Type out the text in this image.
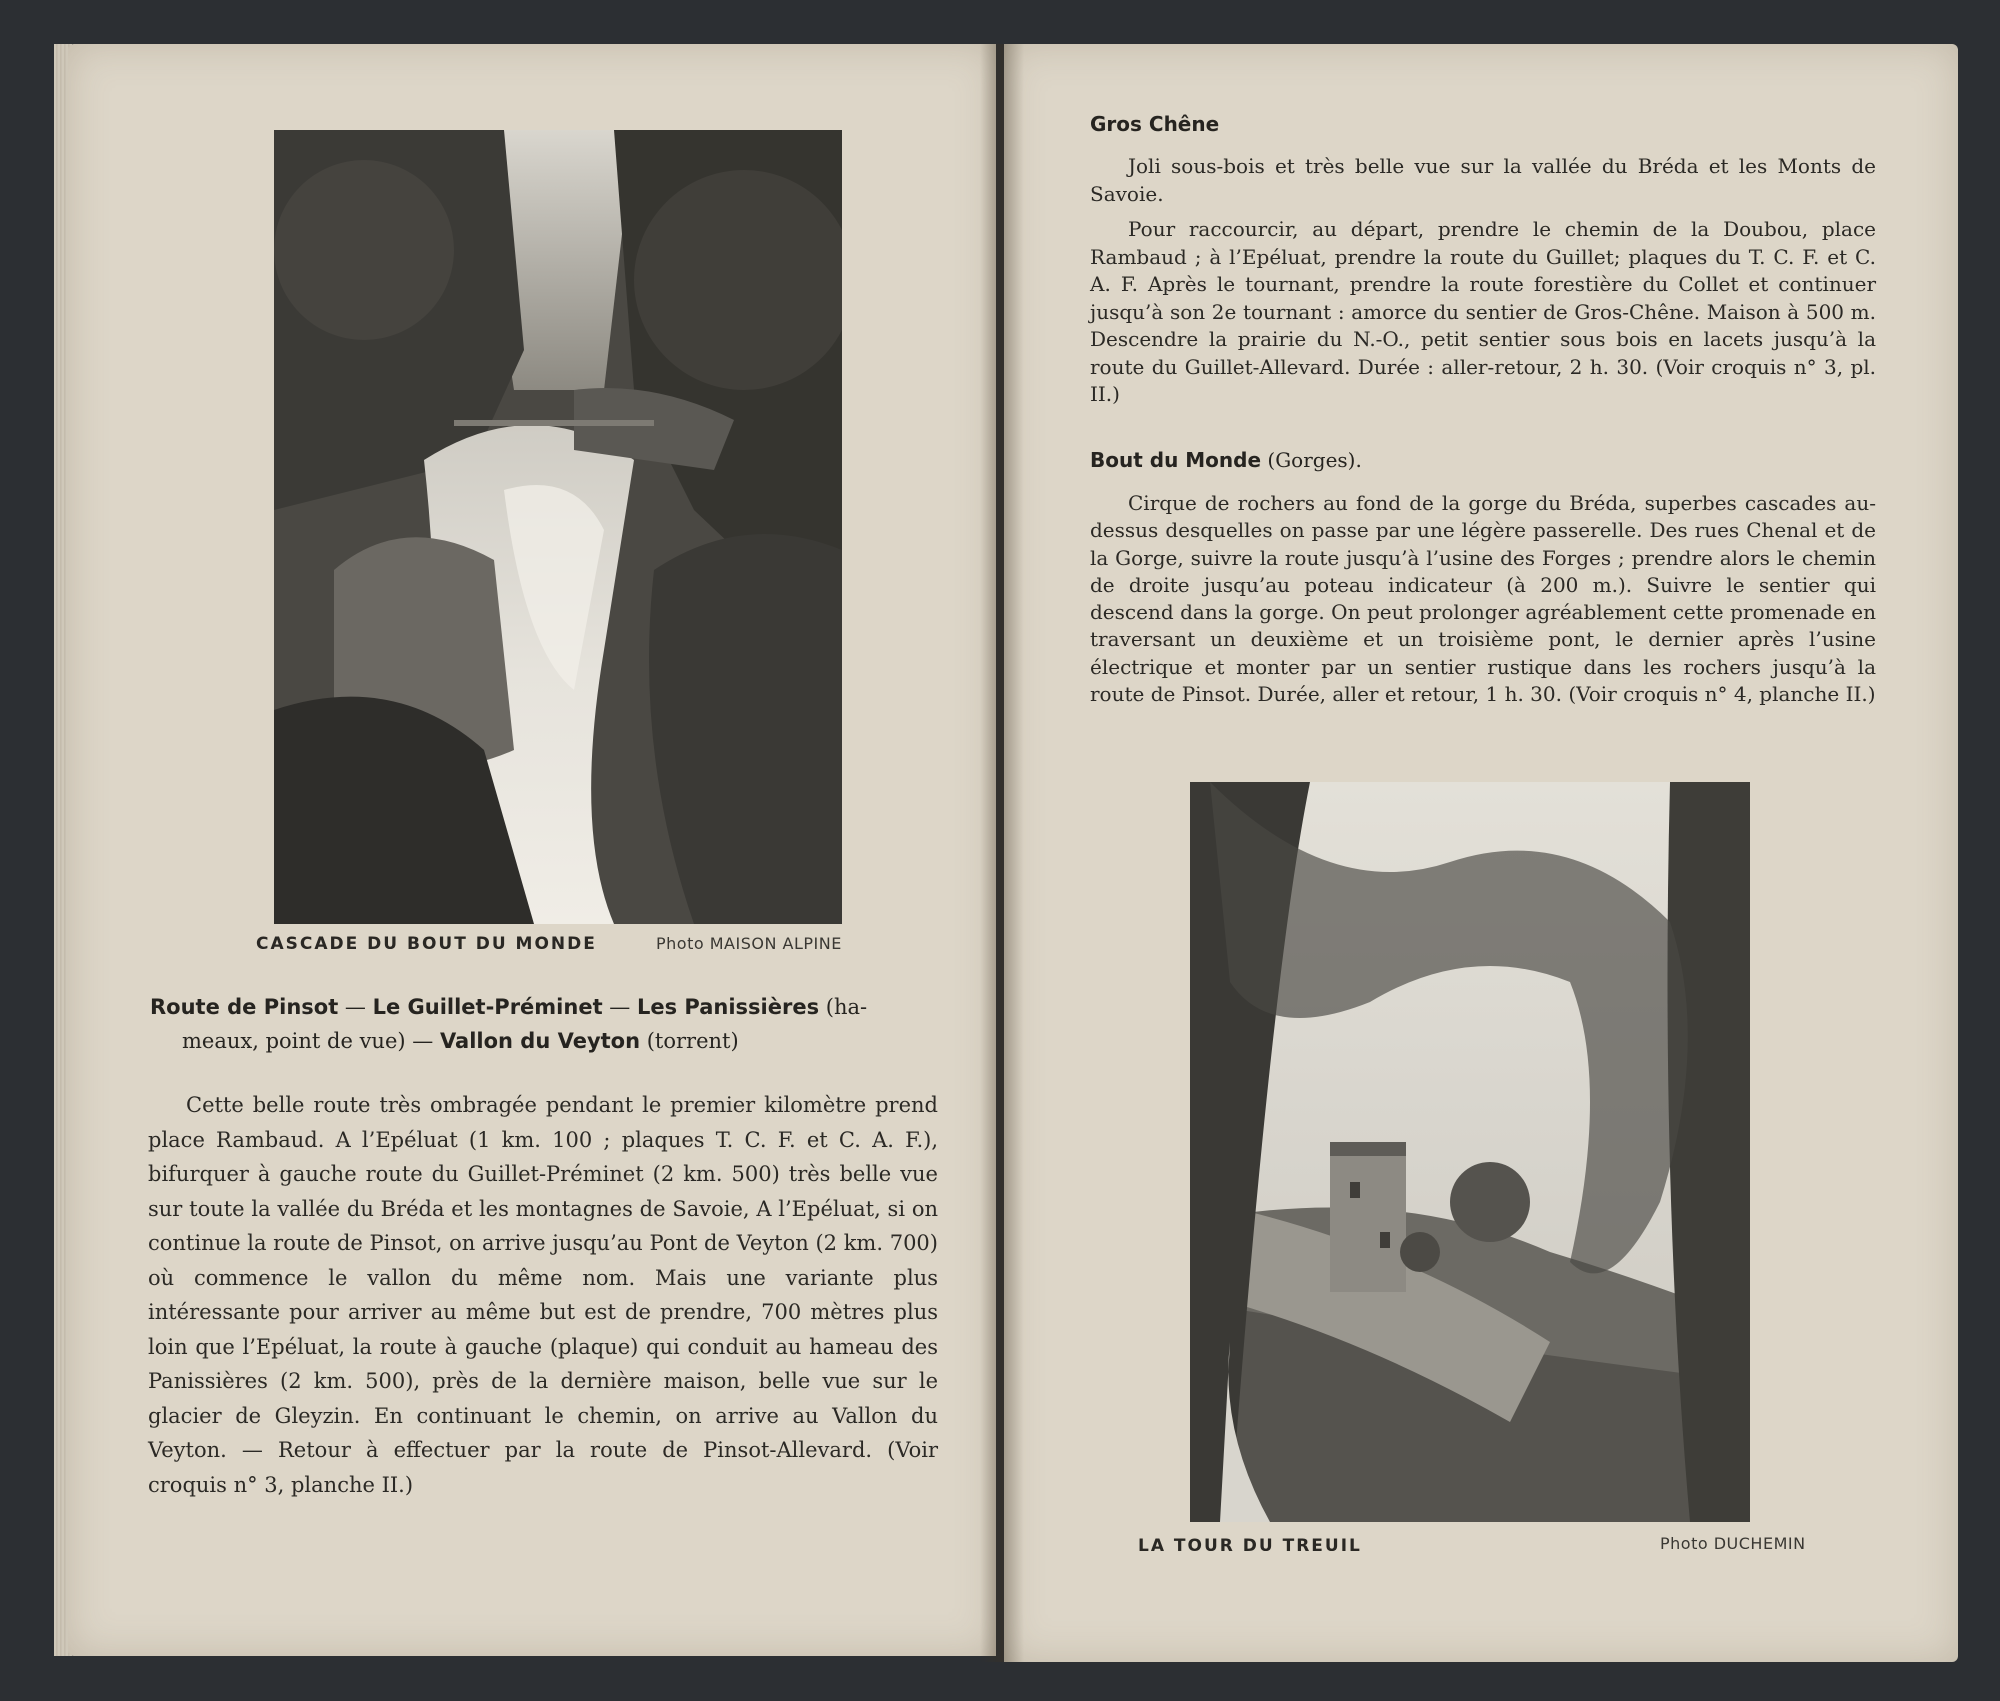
CASCADE DU BOUT DU MONDE	Photo MAISON ALPINE
Route de Pinsot — Le Guillet-Préminet — Les Panissières (ha-
meaux, point de vue) — Vallon du Veyton (torrent)
Cette belle route très ombragée pendant le premier kilomètre prend place Rambaud. A l’Epéluat (1 km. 100 ; plaques T. C. F. et C. A. F.), bifurquer à gauche route du Guillet-Préminet (2 km. 500) très belle vue sur toute la vallée du Bréda et les montagnes de Savoie, A l’Epéluat, si on continue la route de Pinsot, on arrive jusqu’au Pont de Veyton (2 km. 700) où commence le vallon du même nom. Mais une variante plus intéressante pour arriver au même but est de prendre, 700 mètres plus loin que l’Epéluat, la route à gauche (plaque) qui conduit au hameau des Panissières (2 km. 500), près de la dernière maison, belle vue sur le glacier de Gleyzin. En continuant le chemin, on arrive au Vallon du Veyton. — Retour à effectuer par la route de Pinsot-Allevard. (Voir croquis n° 3, planche II.)
Gros Chêne
Joli sous-bois et très belle vue sur la vallée du Bréda et les Monts de Savoie.
Pour raccourcir, au départ, prendre le chemin de la Doubou, place Rambaud ; à l’Epéluat, prendre la route du Guillet; plaques du T. C. F. et C. A. F. Après le tournant, prendre la route forestière du Collet et continuer jusqu’à son 2e tournant : amorce du sentier de Gros-Chêne. Maison à 500 m. Descendre la prairie du N.-O., petit sentier sous bois en lacets jusqu’à la route du Guillet-Allevard. Durée : aller-retour, 2 h. 30. (Voir croquis n° 3, pl. II.)
Bout du Monde (Gorges).
Cirque de rochers au fond de la gorge du Bréda, superbes cascades au-dessus desquelles on passe par une légère passerelle. Des rues Chenal et de la Gorge, suivre la route jusqu’à l’usine des Forges ; prendre alors le chemin de droite jusqu’au poteau indicateur (à 200 m.). Suivre le sentier qui descend dans la gorge. On peut prolonger agréablement cette promenade en traversant un deuxième et un troisième pont, le dernier après l’usine électrique et monter par un sentier rustique dans les rochers jusqu’à la route de Pinsot. Durée, aller et retour, 1 h. 30. (Voir croquis n° 4, planche II.)
LA TOUR DU TREUIL	Photo DUCHEMIN
